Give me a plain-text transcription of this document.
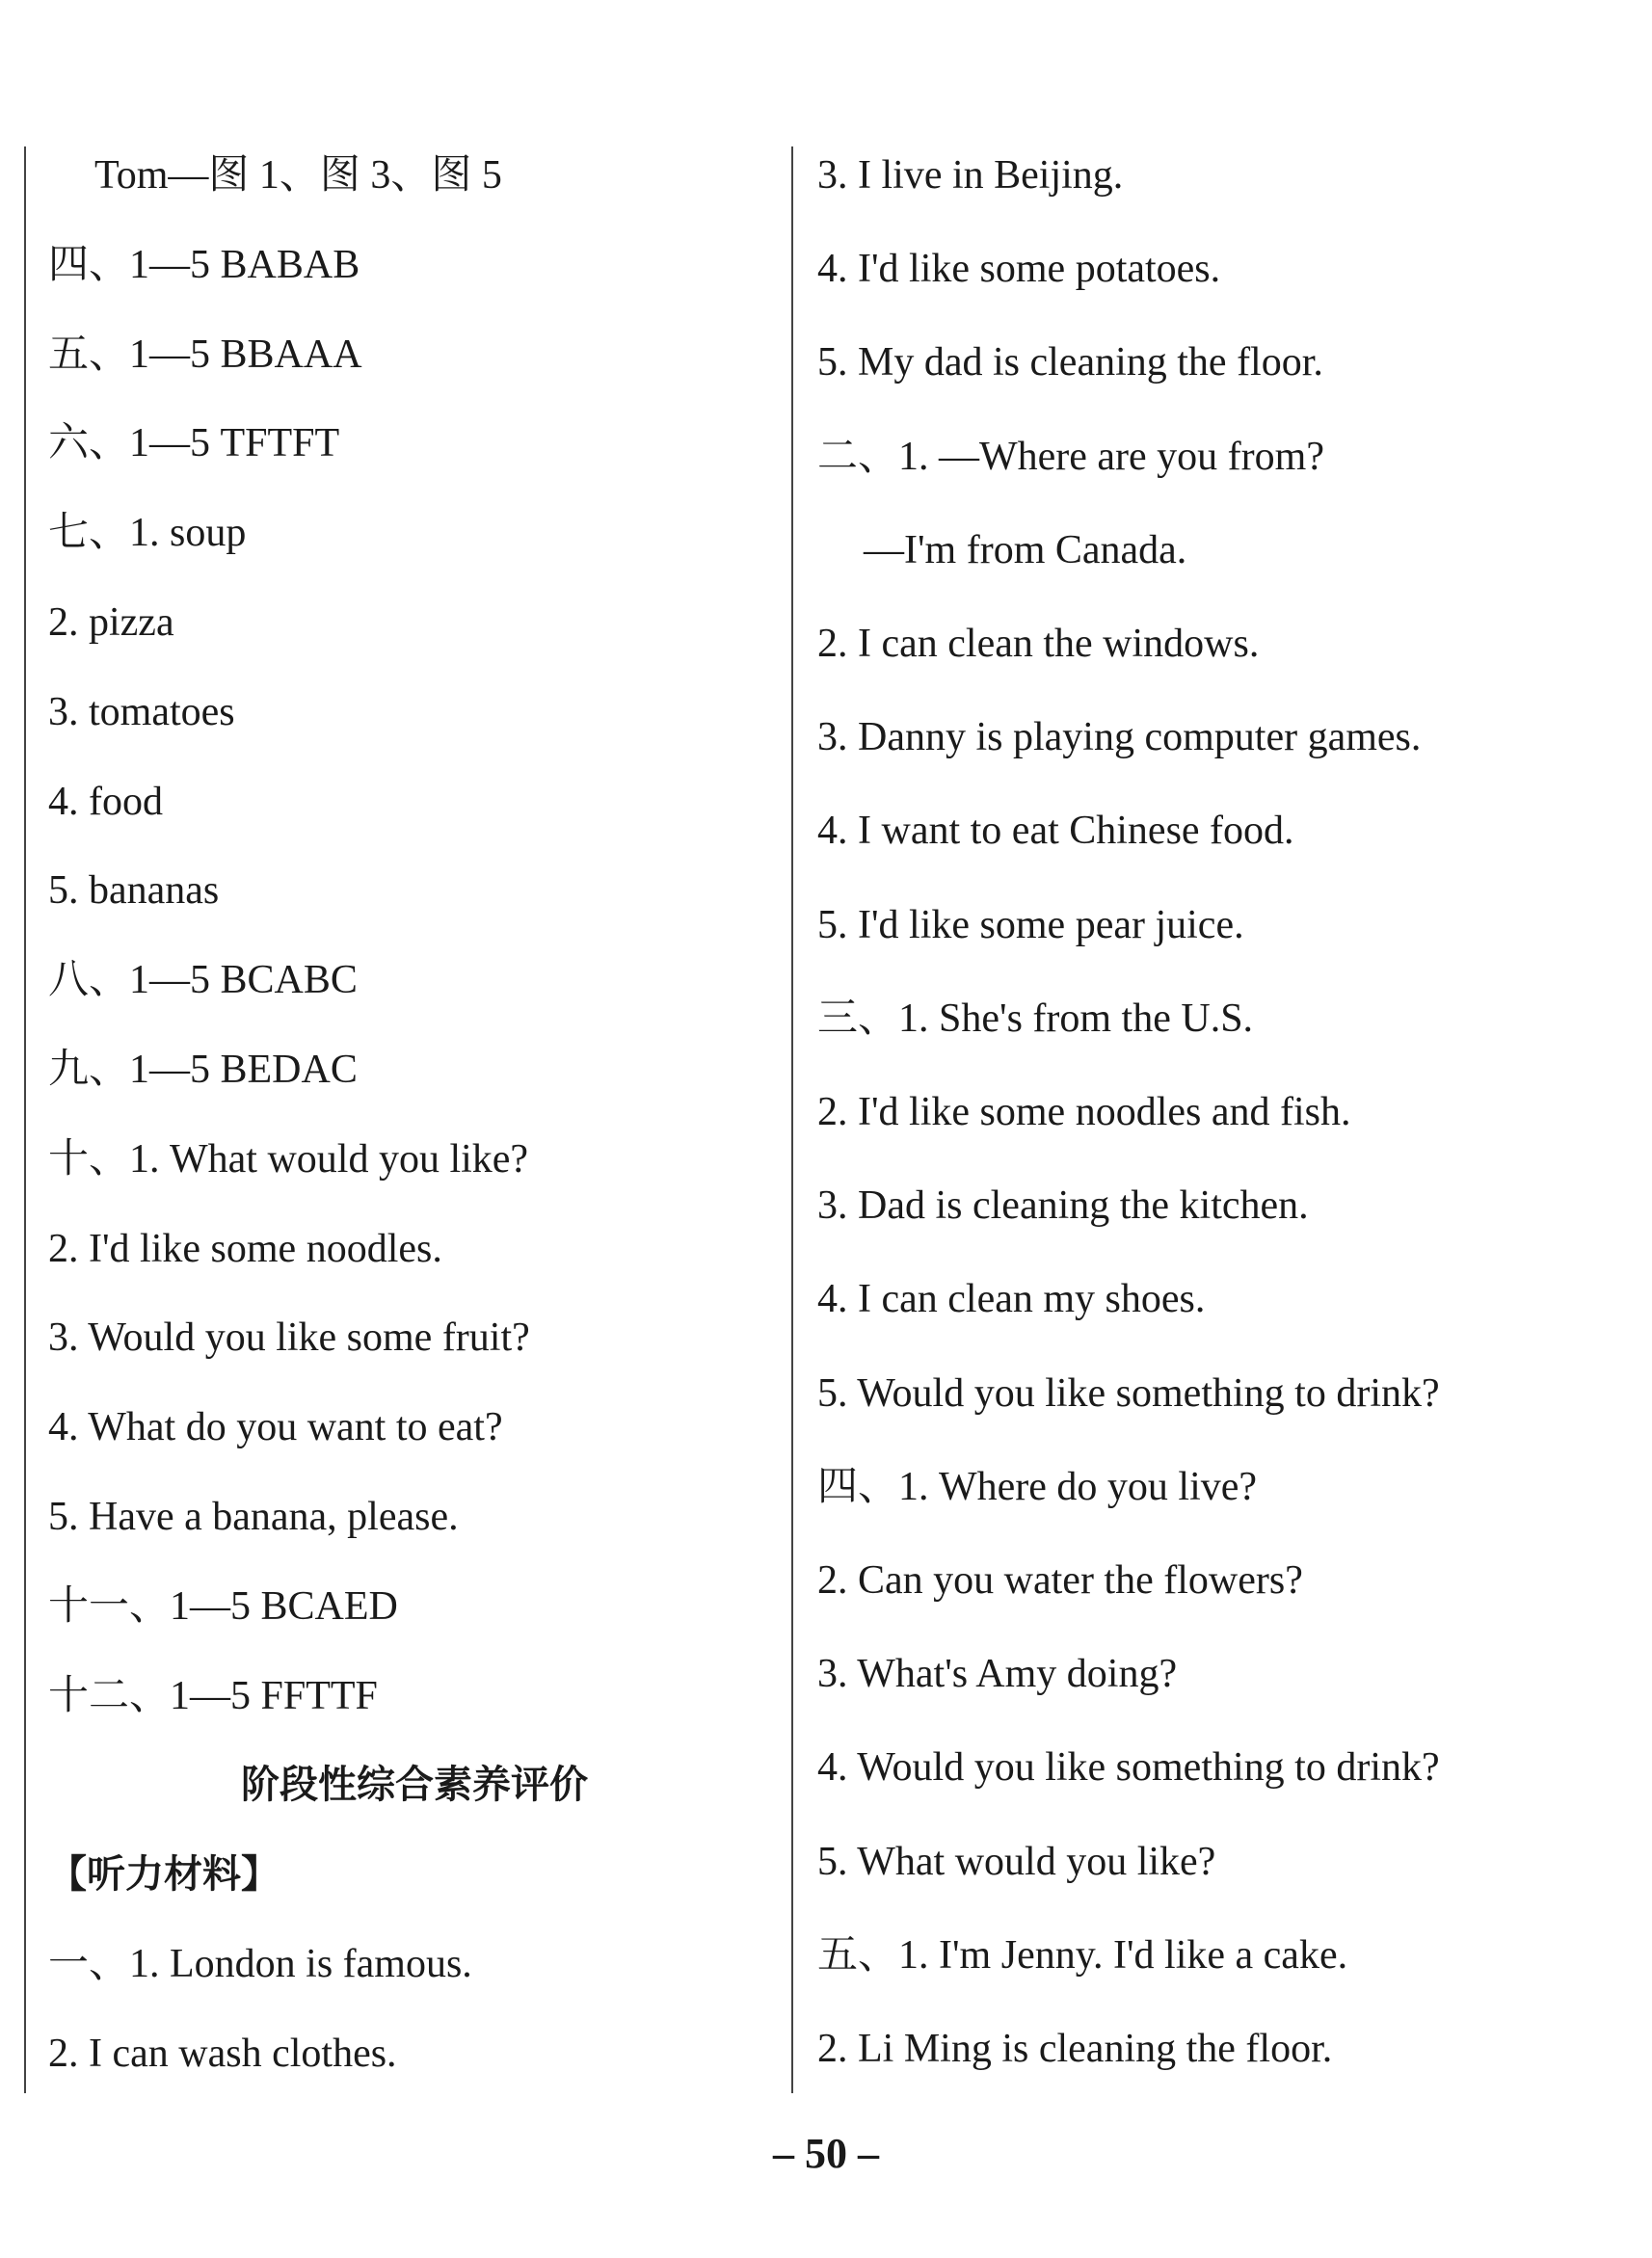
Tom—图 1、图 3、图 5
四、1—5 BABAB
五、1—5 BBAAA
六、1—5 TFTFT
七、1. soup
2. pizza
3. tomatoes
4. food
5. bananas
八、1—5 BCABC
九、1—5 BEDAC
十、1. What would you like?
2. I'd like some noodles.
3. Would you like some fruit?
4. What do you want to eat?
5. Have a banana, please.
十一、1—5 BCAED
十二、1—5 FFTTF
阶段性综合素养评价
【听力材料】
一、1. London is famous.
2. I can wash clothes.
3. I live in Beijing.
4. I'd like some potatoes.
5. My dad is cleaning the floor.
二、1. —Where are you from?
—I'm from Canada.
2. I can clean the windows.
3. Danny is playing computer games.
4. I want to eat Chinese food.
5. I'd like some pear juice.
三、1. She's from the U.S.
2. I'd like some noodles and fish.
3. Dad is cleaning the kitchen.
4. I can clean my shoes.
5. Would you like something to drink?
四、1. Where do you live?
2. Can you water the flowers?
3. What's Amy doing?
4. Would you like something to drink?
5. What would you like?
五、1. I'm Jenny. I'd like a cake.
2. Li Ming is cleaning the floor.
– 50 –
